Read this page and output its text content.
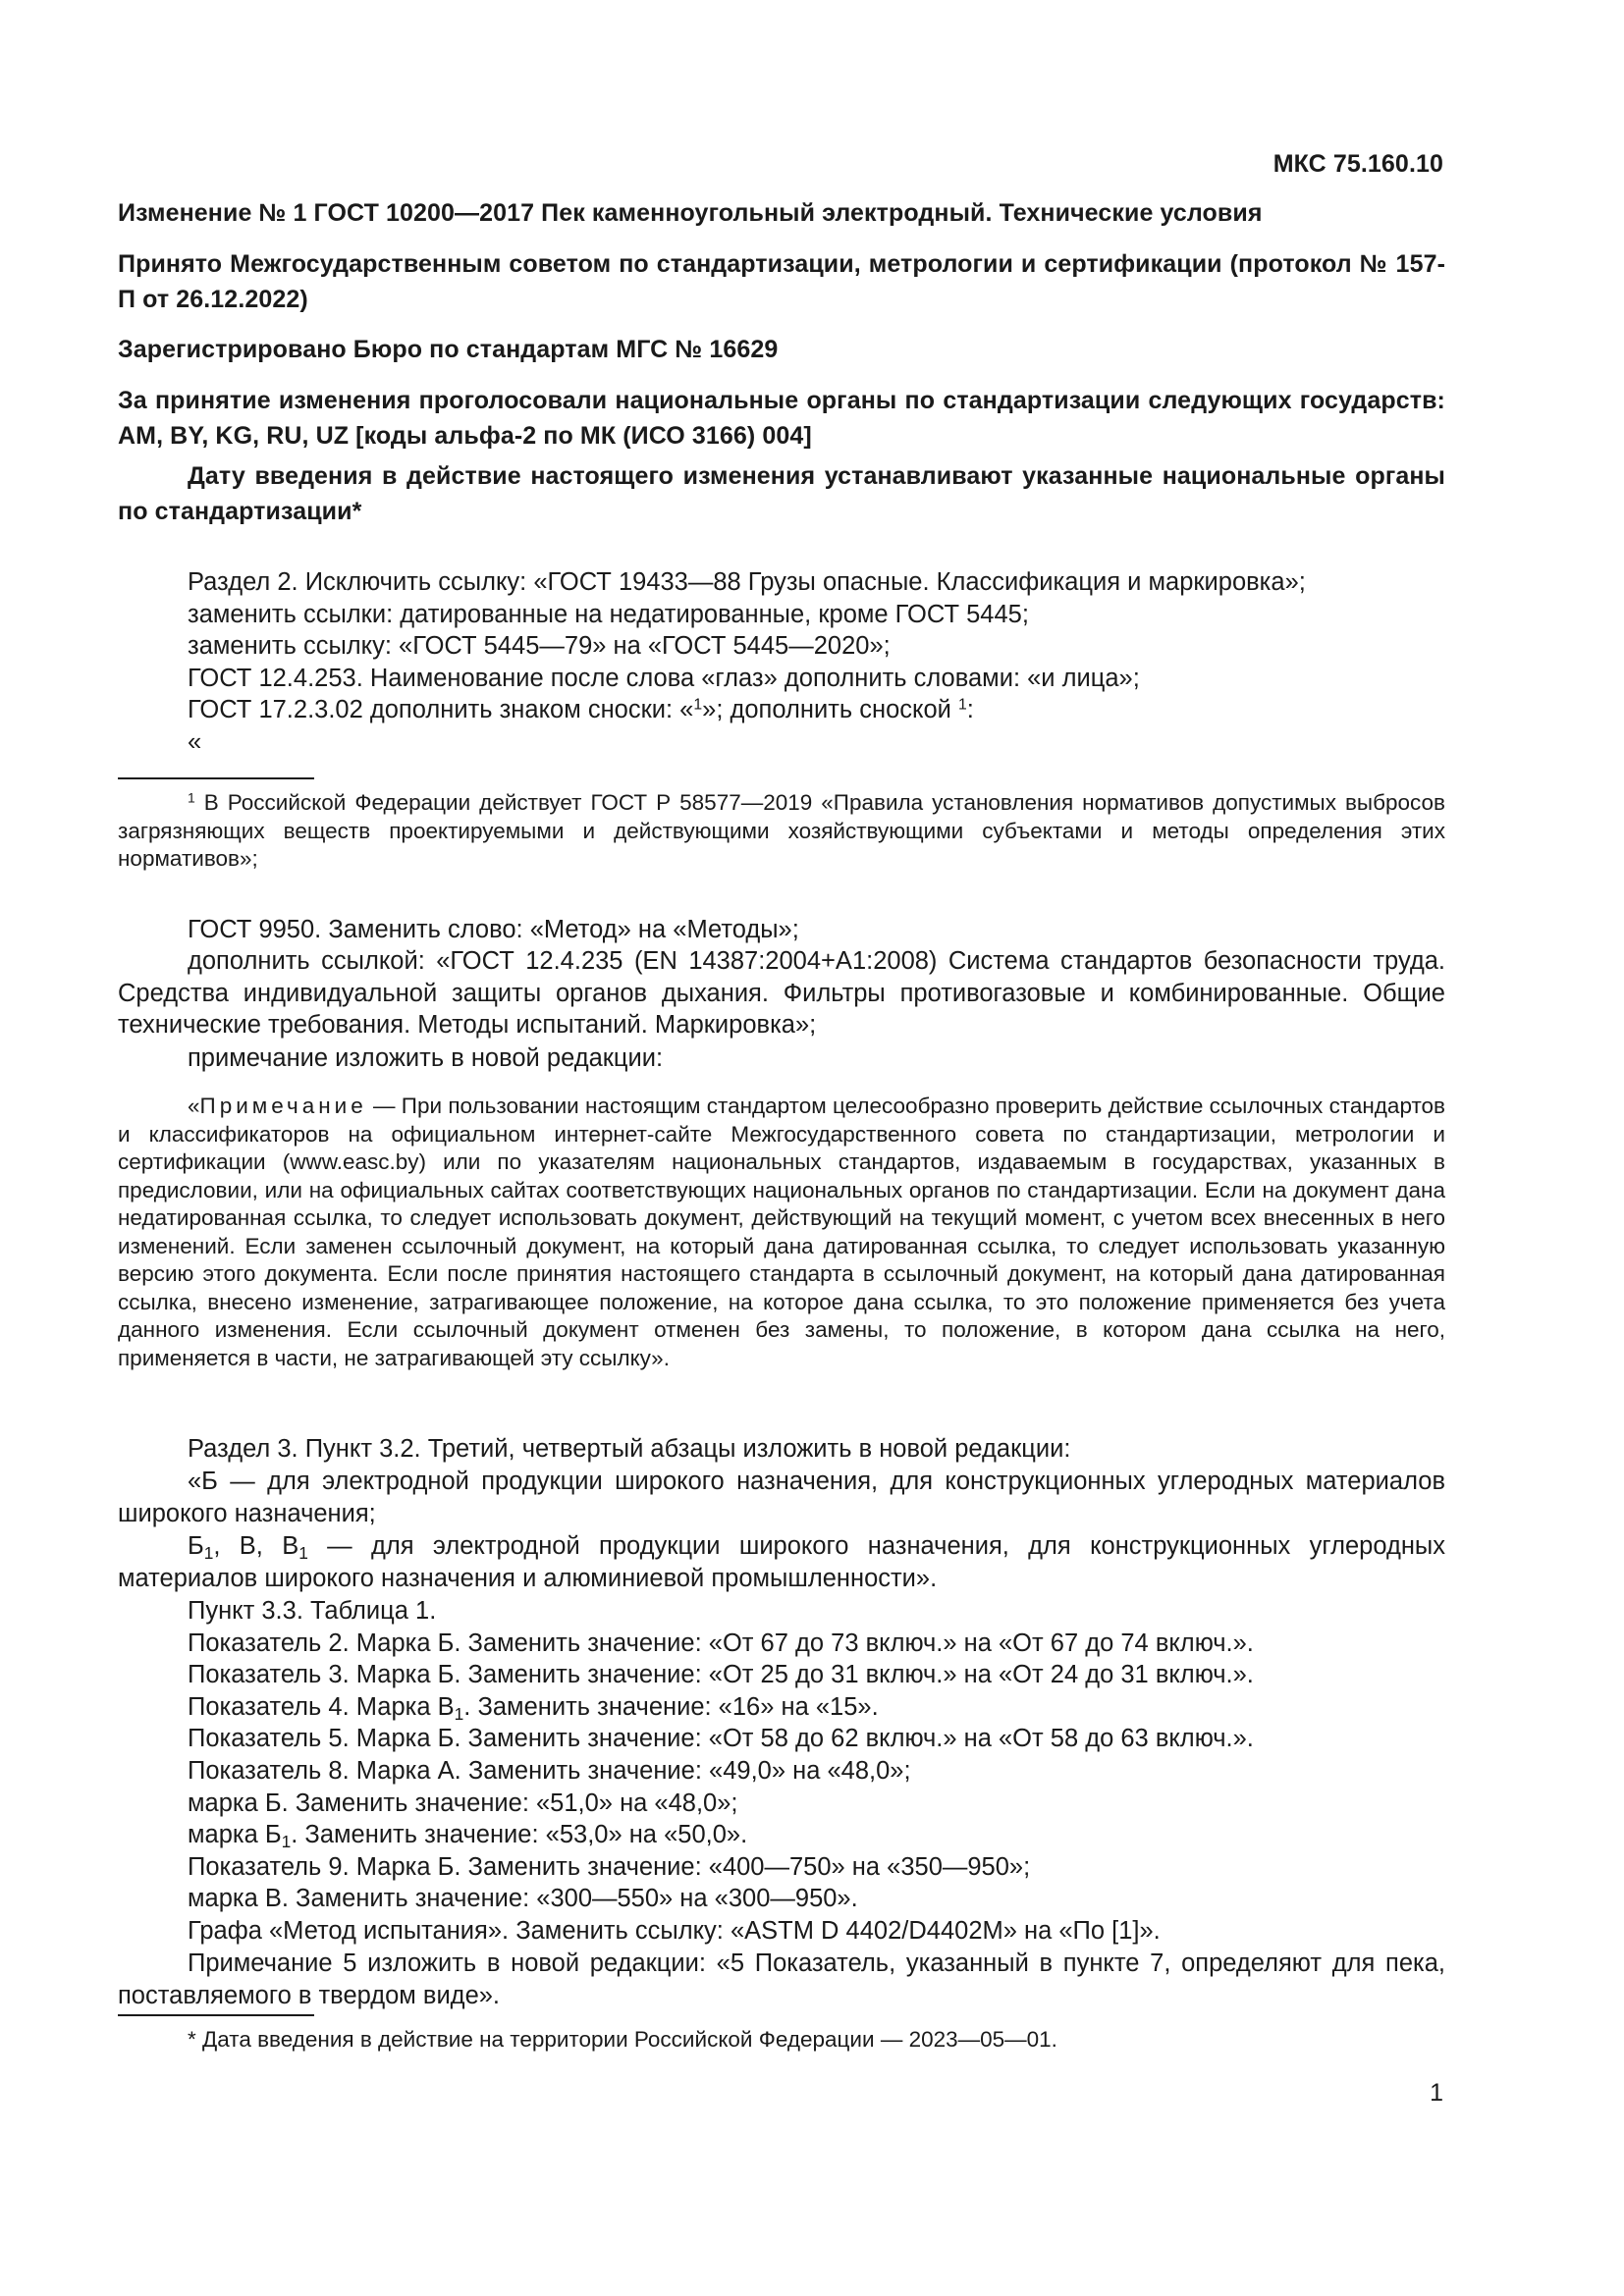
МКС 75.160.10
Изменение № 1 ГОСТ 10200—2017 Пек каменноугольный электродный. Технические условия
Принято Межгосударственным советом по стандартизации, метрологии и сертификации (протокол № 157-П от 26.12.2022)
Зарегистрировано Бюро по стандартам МГС № 16629
За принятие изменения проголосовали национальные органы по стандартизации следующих государств: AM, BY, KG, RU, UZ [коды альфа-2 по МК (ИСО 3166) 004]
Дату введения в действие настоящего изменения устанавливают указанные национальные органы по стандартизации*
Раздел 2. Исключить ссылку: «ГОСТ 19433—88 Грузы опасные. Классификация и маркировка»;
заменить ссылки: датированные на недатированные, кроме ГОСТ 5445;
заменить ссылку: «ГОСТ 5445—79» на «ГОСТ 5445—2020»;
ГОСТ 12.4.253. Наименование после слова «глаз» дополнить словами: «и лица»;
ГОСТ 17.2.3.02 дополнить знаком сноски: «$^1$»; дополнить сноской $^1$:
«
$^1$ В Российской Федерации действует ГОСТ Р 58577—2019 «Правила установления нормативов допустимых выбросов загрязняющих веществ проектируемыми и действующими хозяйствующими субъектами и методы определения этих нормативов»;
ГОСТ 9950. Заменить слово: «Метод» на «Методы»;
дополнить ссылкой: «ГОСТ 12.4.235 (EN 14387:2004+A1:2008) Система стандартов безопасности труда. Средства индивидуальной защиты органов дыхания. Фильтры противогазовые и комбинированные. Общие технические требования. Методы испытаний. Маркировка»;
примечание изложить в новой редакции:
«Примечание — При пользовании настоящим стандартом целесообразно проверить действие ссылочных стандартов и классификаторов на официальном интернет-сайте Межгосударственного совета по стандартизации, метрологии и сертификации (www.easc.by) или по указателям национальных стандартов, издаваемым в государствах, указанных в предисловии, или на официальных сайтах соответствующих национальных органов по стандартизации. Если на документ дана недатированная ссылка, то следует использовать документ, действующий на текущий момент, с учетом всех внесенных в него изменений. Если заменен ссылочный документ, на который дана датированная ссылка, то следует использовать указанную версию этого документа. Если после принятия настоящего стандарта в ссылочный документ, на который дана датированная ссылка, внесено изменение, затрагивающее положение, на которое дана ссылка, то это положение применяется без учета данного изменения. Если ссылочный документ отменен без замены, то положение, в котором дана ссылка на него, применяется в части, не затрагивающей эту ссылку».
Раздел 3. Пункт 3.2. Третий, четвертый абзацы изложить в новой редакции:
«Б — для электродной продукции широкого назначения, для конструкционных углеродных материалов широкого назначения;
$Б_1$, В, $В_1$ — для электродной продукции широкого назначения, для конструкционных углеродных материалов широкого назначения и алюминиевой промышленности».
Пункт 3.3. Таблица 1.
Показатель 2. Марка Б. Заменить значение: «От 67 до 73 включ.» на «От 67 до 74 включ.».
Показатель 3. Марка Б. Заменить значение: «От 25 до 31 включ.» на «От 24 до 31 включ.».
Показатель 4. Марка $В_1$. Заменить значение: «16» на «15».
Показатель 5. Марка Б. Заменить значение: «От 58 до 62 включ.» на «От 58 до 63 включ.».
Показатель 8. Марка А. Заменить значение: «49,0» на «48,0»;
марка Б. Заменить значение: «51,0» на «48,0»;
марка $Б_1$. Заменить значение: «53,0» на «50,0».
Показатель 9. Марка Б. Заменить значение: «400—750» на «350—950»;
марка В. Заменить значение: «300—550» на «300—950».
Графа «Метод испытания». Заменить ссылку: «ASTM D 4402/D4402M» на «По [1]».
Примечание 5 изложить в новой редакции: «5 Показатель, указанный в пункте 7, определяют для пека, поставляемого в твердом виде».
* Дата введения в действие на территории Российской Федерации — 2023—05—01.
1
